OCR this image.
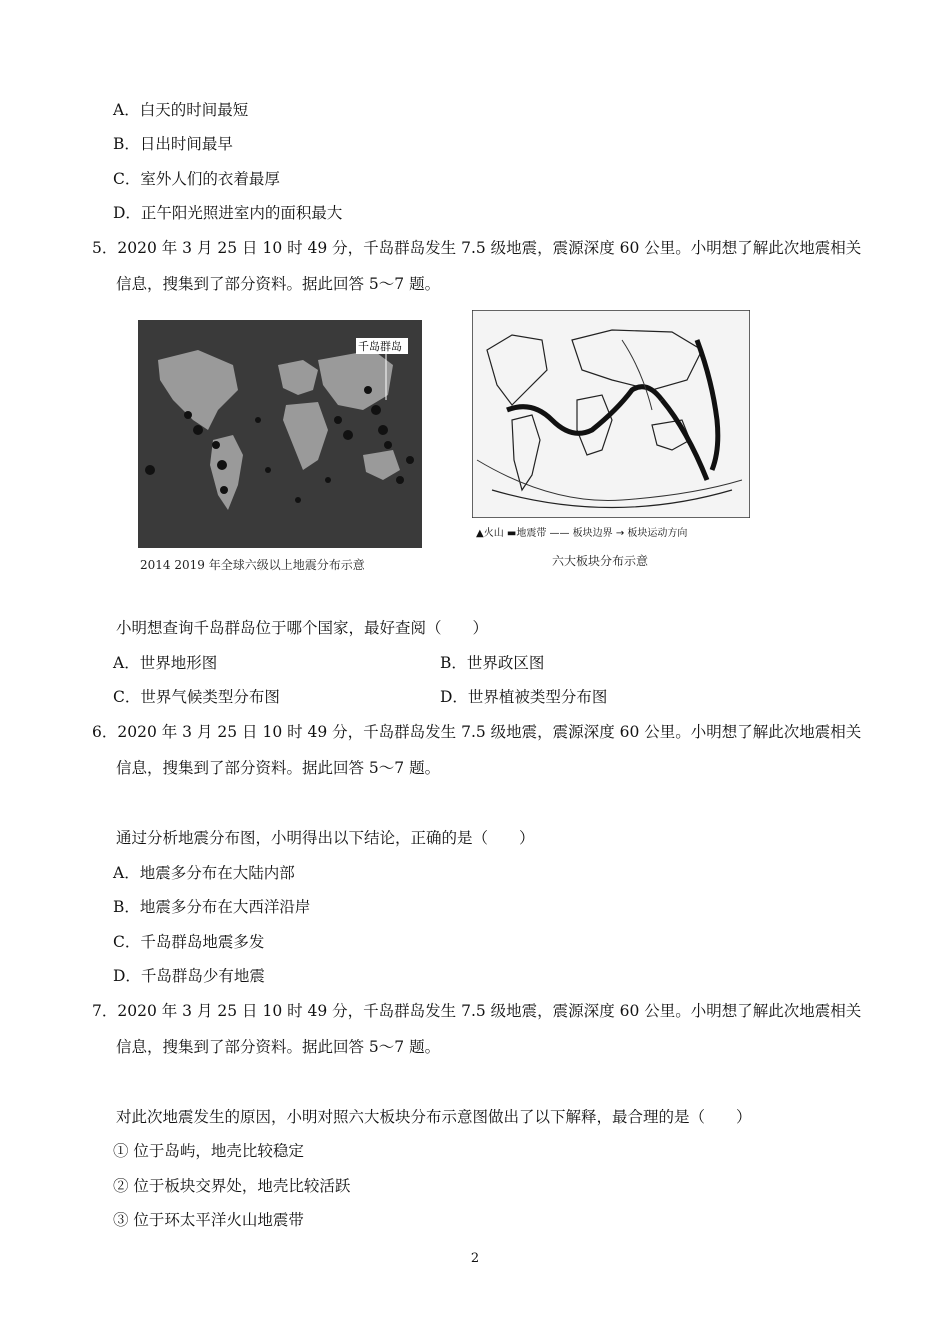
A．白天的时间最短
B．日出时间最早
C．室外人们的衣着最厚
D．正午阳光照进室内的面积最大
5．2020 年 3 月 25 日 10 时 49 分，千岛群岛发生 7.5 级地震，震源深度 60 公里。小明想了解此次地震相关
信息，搜集到了部分资料。据此回答 5～7 题。
千岛群岛
2014 2019 年全球六级以上地震分布示意
▲火山 ▬地震带 —— 板块边界 → 板块运动方向
六大板块分布示意
小明想查询千岛群岛位于哪个国家，最好查阅（　　）
A．世界地形图	B．世界政区图
C．世界气候类型分布图	D．世界植被类型分布图
6．2020 年 3 月 25 日 10 时 49 分，千岛群岛发生 7.5 级地震，震源深度 60 公里。小明想了解此次地震相关
信息，搜集到了部分资料。据此回答 5～7 题。
通过分析地震分布图，小明得出以下结论，正确的是（　　）
A．地震多分布在大陆内部
B．地震多分布在大西洋沿岸
C．千岛群岛地震多发
D．千岛群岛少有地震
7．2020 年 3 月 25 日 10 时 49 分，千岛群岛发生 7.5 级地震，震源深度 60 公里。小明想了解此次地震相关
信息，搜集到了部分资料。据此回答 5～7 题。
对此次地震发生的原因，小明对照六大板块分布示意图做出了以下解释，最合理的是（　　）
① 位于岛屿，地壳比较稳定
② 位于板块交界处，地壳比较活跃
③ 位于环太平洋火山地震带
2
